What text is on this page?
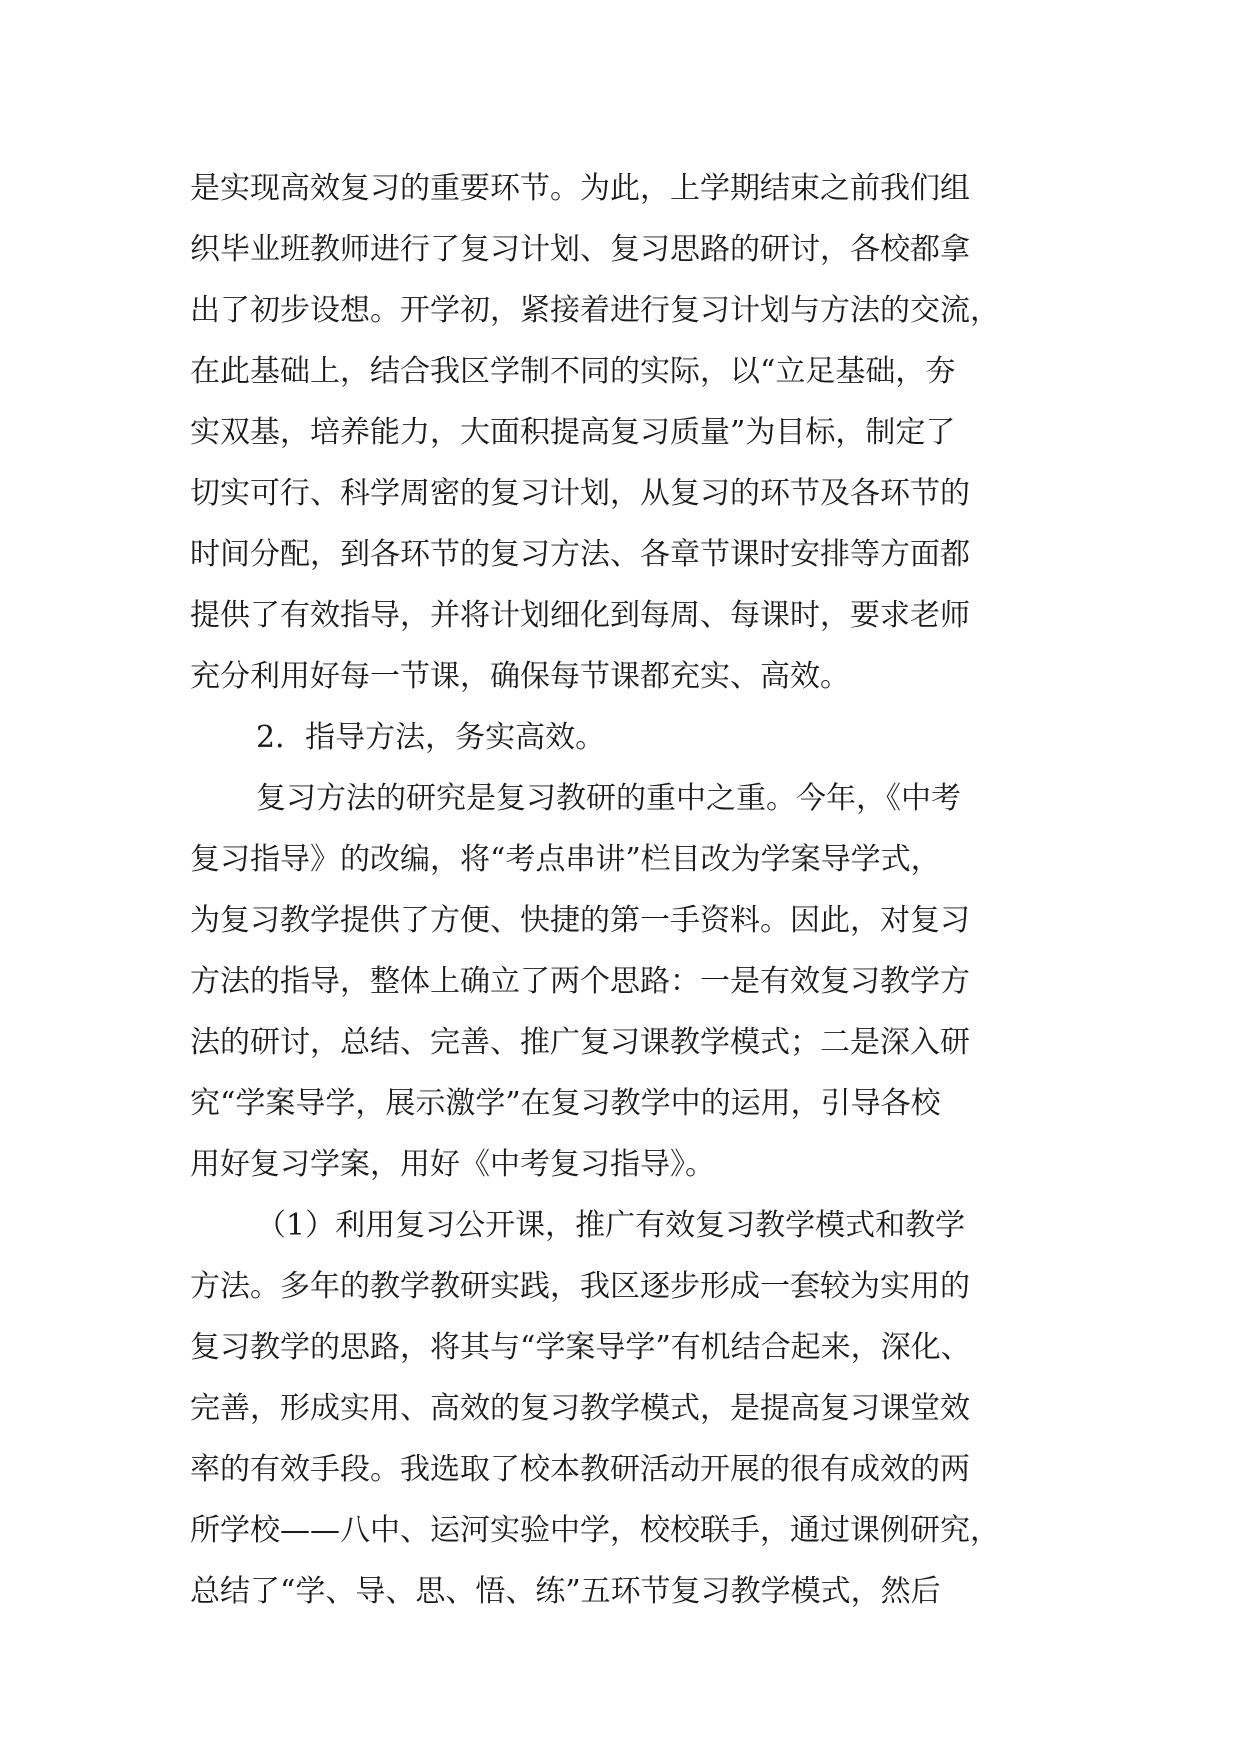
是实现高效复习的重要环节。为此，上学期结束之前我们组
织毕业班教师进行了复习计划、复习思路的研讨，各校都拿
出了初步设想。开学初，紧接着进行复习计划与方法的交流，
在此基础上，结合我区学制不同的实际，以“立足基础，夯
实双基，培养能力，大面积提高复习质量”为目标，制定了
切实可行、科学周密的复习计划，从复习的环节及各环节的
时间分配，到各环节的复习方法、各章节课时安排等方面都
提供了有效指导，并将计划细化到每周、每课时，要求老师
充分利用好每一节课，确保每节课都充实、高效。
2．指导方法，务实高效。
复习方法的研究是复习教研的重中之重。今年，《中考
复习指导》的改编，将“考点串讲”栏目改为学案导学式，
为复习教学提供了方便、快捷的第一手资料。因此，对复习
方法的指导，整体上确立了两个思路：一是有效复习教学方
法的研讨，总结、完善、推广复习课教学模式；二是深入研
究“学案导学，展示激学”在复习教学中的运用，引导各校
用好复习学案，用好《中考复习指导》。
（1）利用复习公开课，推广有效复习教学模式和教学
方法。多年的教学教研实践，我区逐步形成一套较为实用的
复习教学的思路，将其与“学案导学”有机结合起来，深化、
完善，形成实用、高效的复习教学模式，是提高复习课堂效
率的有效手段。我选取了校本教研活动开展的很有成效的两
所学校——八中、运河实验中学，校校联手，通过课例研究，
总结了“学、导、思、悟、练”五环节复习教学模式，然后
